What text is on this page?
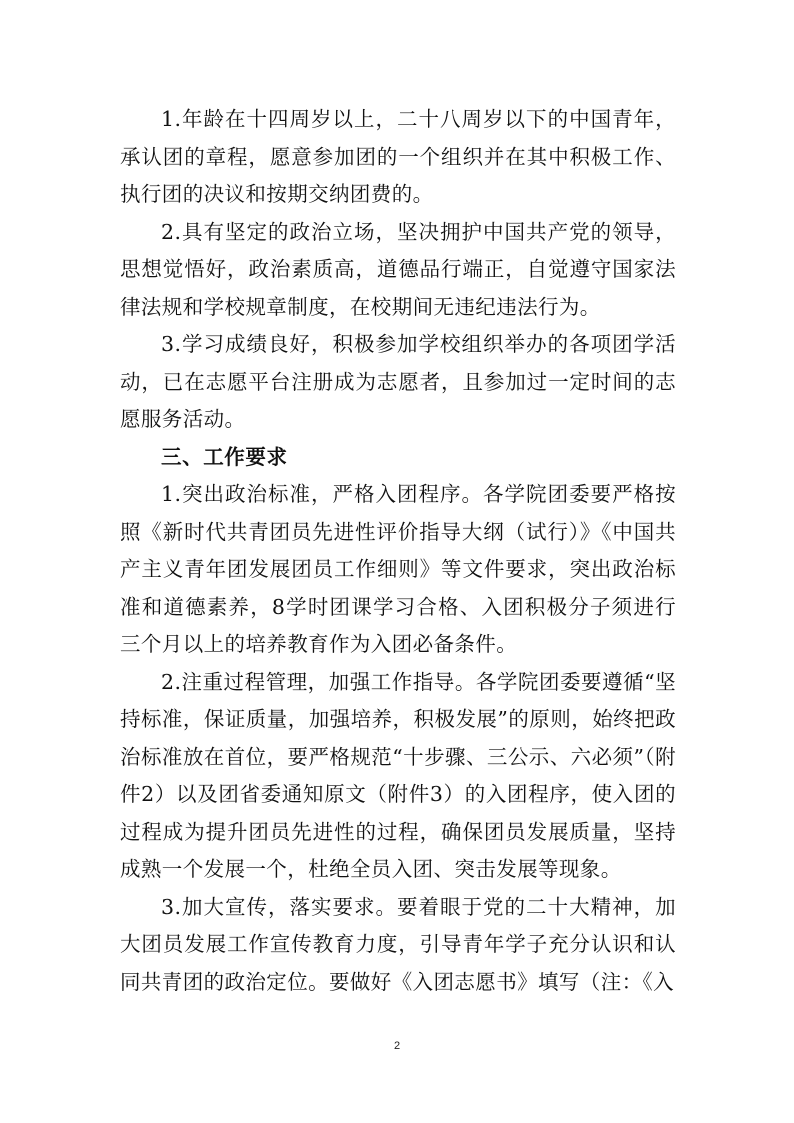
1.年龄在十四周岁以上，二十八周岁以下的中国青年，承认团的章程，愿意参加团的一个组织并在其中积极工作、执行团的决议和按期交纳团费的。

2.具有坚定的政治立场，坚决拥护中国共产党的领导，思想觉悟好，政治素质高，道德品行端正，自觉遵守国家法律法规和学校规章制度，在校期间无违纪违法行为。

3.学习成绩良好，积极参加学校组织举办的各项团学活动，已在志愿平台注册成为志愿者，且参加过一定时间的志愿服务活动。

三、工作要求

1.突出政治标准，严格入团程序。各学院团委要严格按照《新时代共青团员先进性评价指导大纲（试行）》《中国共产主义青年团发展团员工作细则》等文件要求，突出政治标准和道德素养，8学时团课学习合格、入团积极分子须进行三个月以上的培养教育作为入团必备条件。

2.注重过程管理，加强工作指导。各学院团委要遵循“坚持标准，保证质量，加强培养，积极发展”的原则，始终把政治标准放在首位，要严格规范“十步骤、三公示、六必须”（附件2）以及团省委通知原文（附件3）的入团程序，使入团的过程成为提升团员先进性的过程，确保团员发展质量，坚持成熟一个发展一个，杜绝全员入团、突击发展等现象。

3.加大宣传，落实要求。要着眼于党的二十大精神，加大团员发展工作宣传教育力度，引导青年学子充分认识和认同共青团的政治定位。要做好《入团志愿书》填写（注：《入

2
